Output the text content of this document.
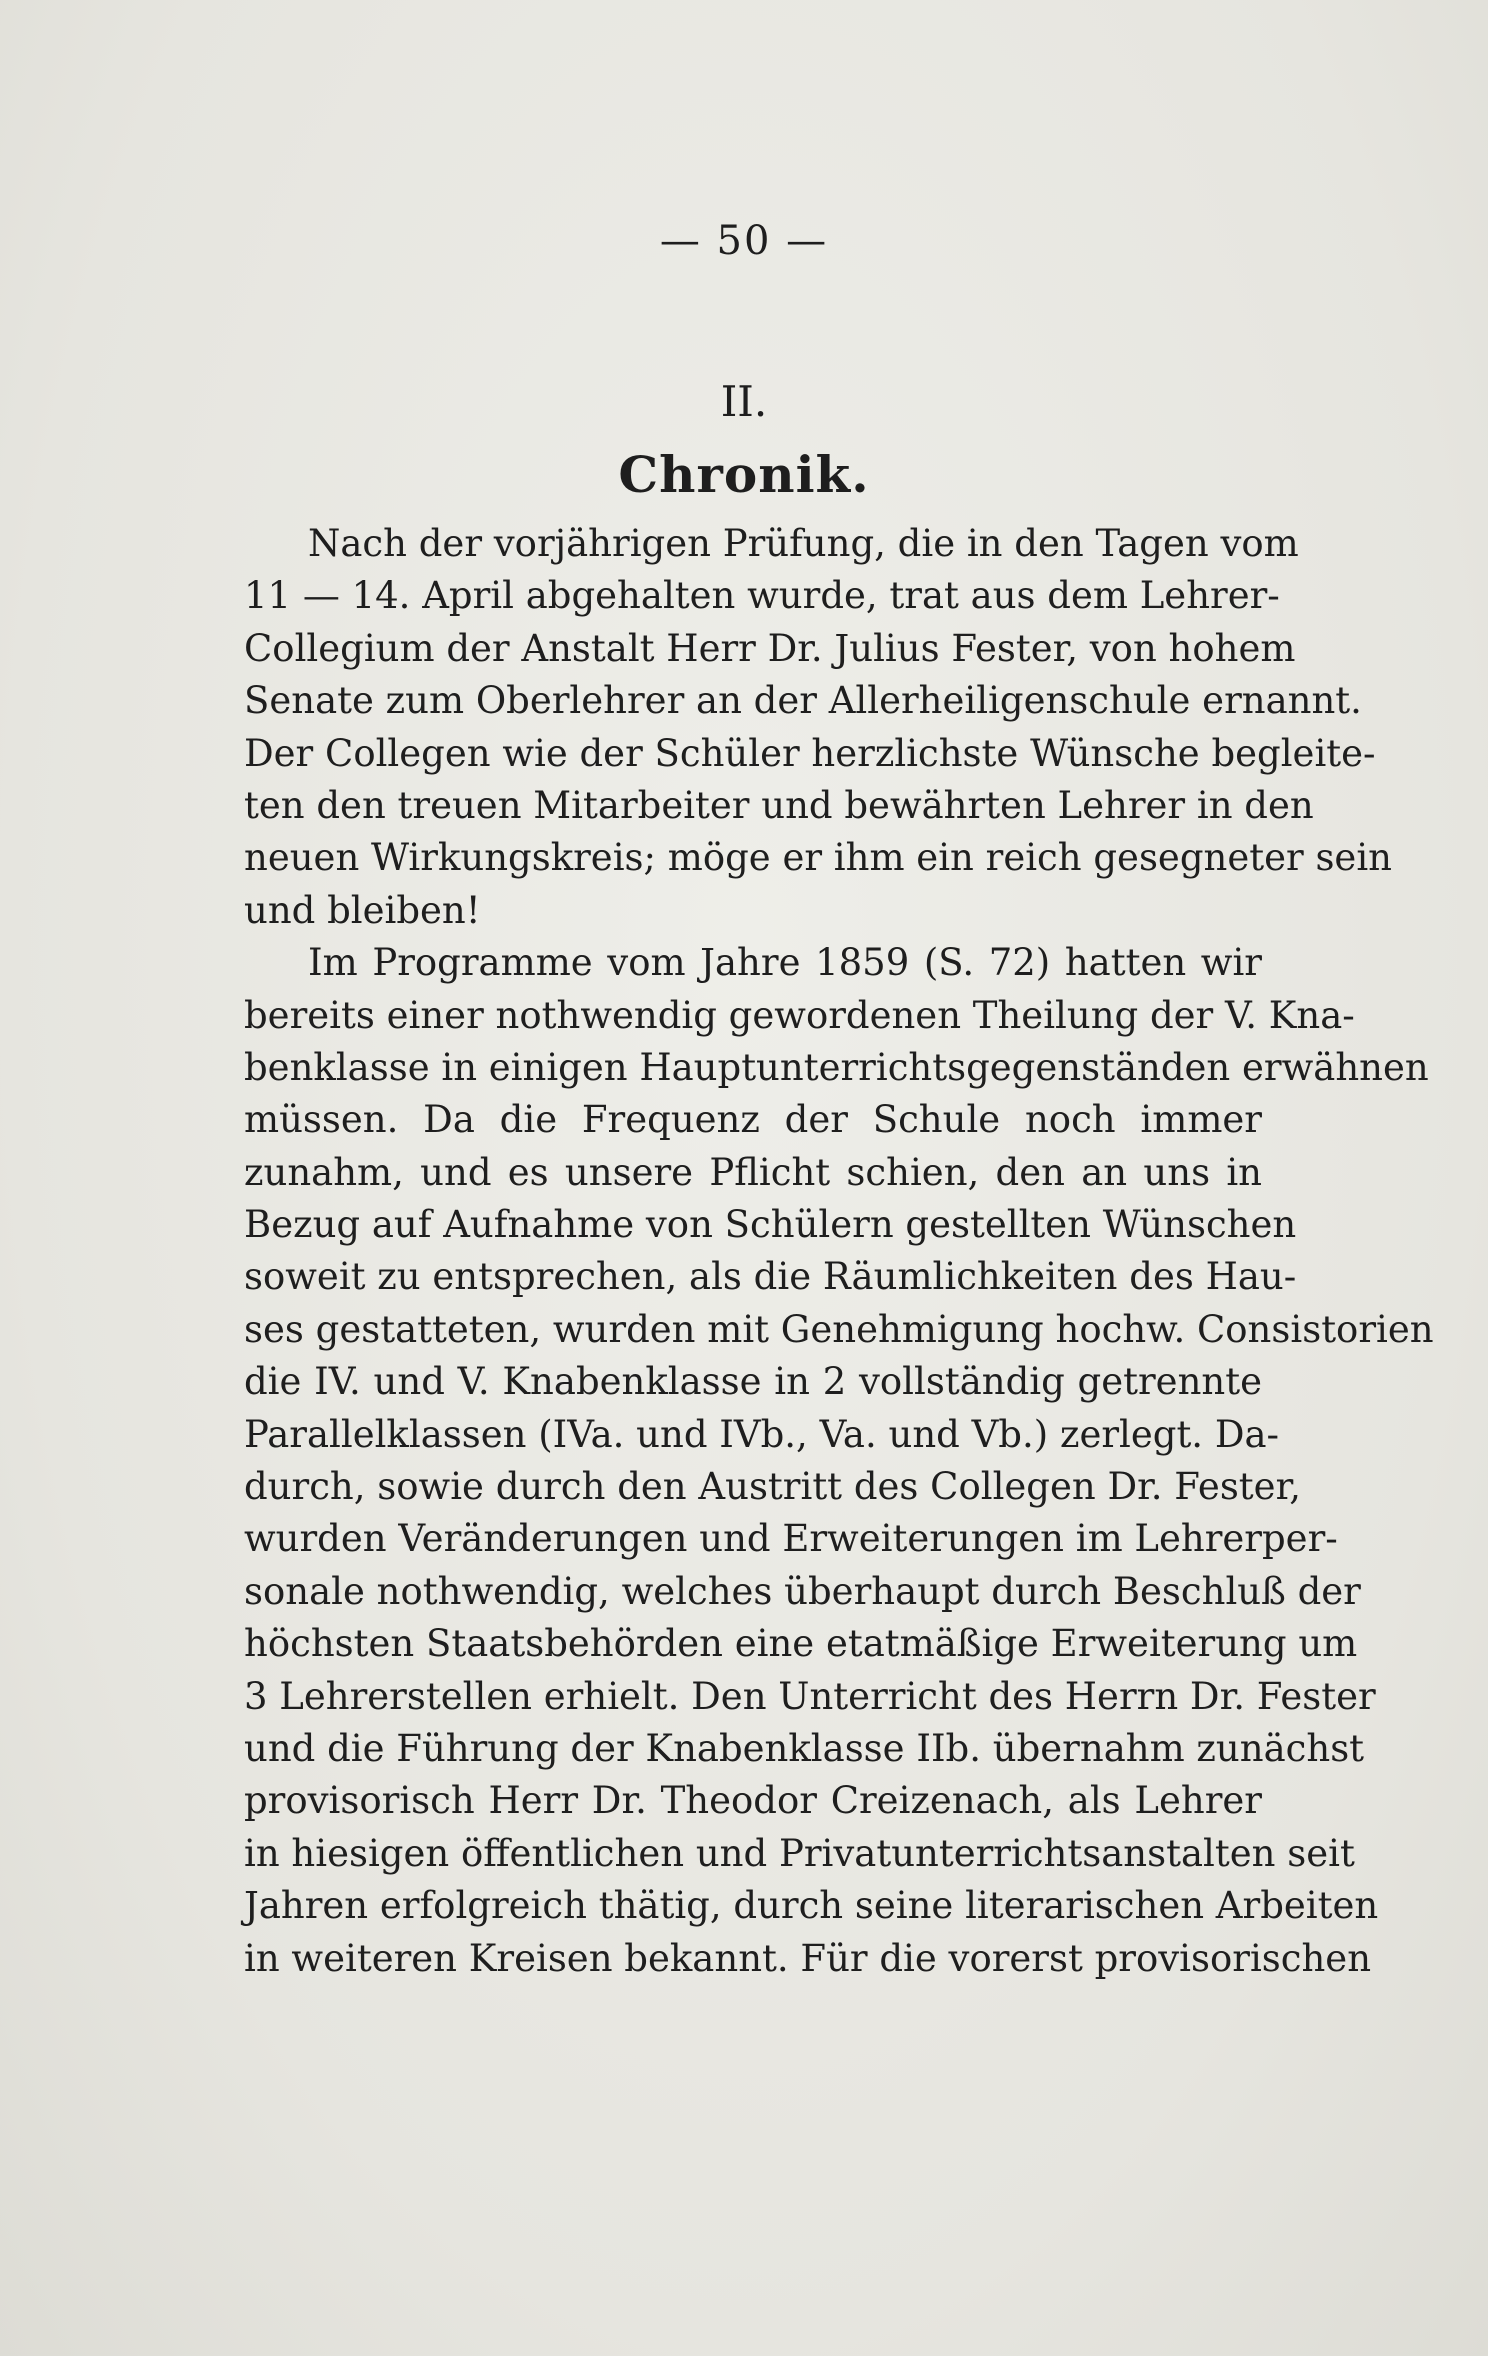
— 50 —
II.
Chronik.
Nach der vorjährigen Prüfung, die in den Tagen vom
11 — 14. April abgehalten wurde, trat aus dem Lehrer-
Collegium der Anstalt Herr Dr. Julius Fester, von hohem
Senate zum Oberlehrer an der Allerheiligenschule ernannt.
Der Collegen wie der Schüler herzlichste Wünsche begleite-
ten den treuen Mitarbeiter und bewährten Lehrer in den
neuen Wirkungskreis; möge er ihm ein reich gesegneter sein
und bleiben!
Im Programme vom Jahre 1859 (S. 72) hatten wir
bereits einer nothwendig gewordenen Theilung der V. Kna-
benklasse in einigen Hauptunterrichtsgegenständen erwähnen
müssen. Da die Frequenz der Schule noch immer
zunahm, und es unsere Pflicht schien, den an uns in
Bezug auf Aufnahme von Schülern gestellten Wünschen
soweit zu entsprechen, als die Räumlichkeiten des Hau-
ses gestatteten, wurden mit Genehmigung hochw. Consistorien
die IV. und V. Knabenklasse in 2 vollständig getrennte
Parallelklassen (IVa. und IVb., Va. und Vb.) zerlegt. Da-
durch, sowie durch den Austritt des Collegen Dr. Fester,
wurden Veränderungen und Erweiterungen im Lehrerper-
sonale nothwendig, welches überhaupt durch Beschluß der
höchsten Staatsbehörden eine etatmäßige Erweiterung um
3 Lehrerstellen erhielt. Den Unterricht des Herrn Dr. Fester
und die Führung der Knabenklasse IIb. übernahm zunächst
provisorisch Herr Dr. Theodor Creizenach, als Lehrer
in hiesigen öffentlichen und Privatunterrichtsanstalten seit
Jahren erfolgreich thätig, durch seine literarischen Arbeiten
in weiteren Kreisen bekannt. Für die vorerst provisorischen
